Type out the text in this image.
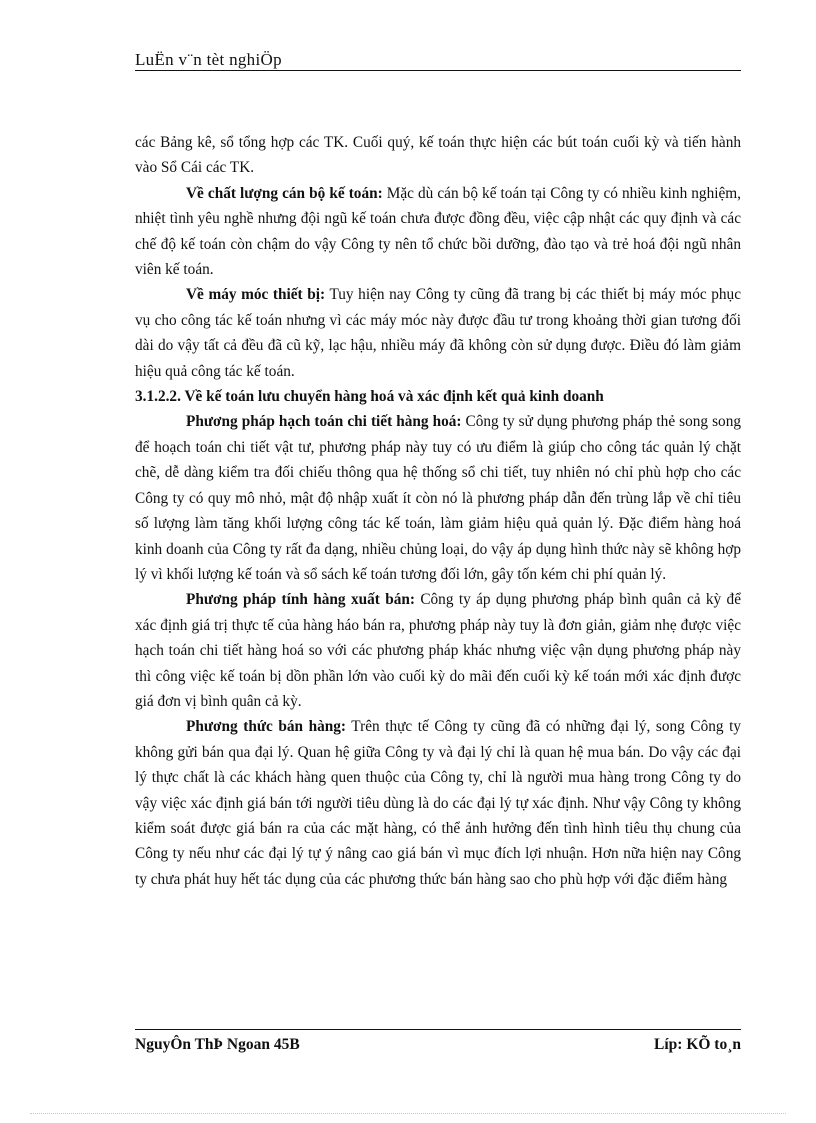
LuËn v¨n tèt nghiÖp

các Bảng kê, sổ tổng hợp các TK. Cuối quý, kế toán thực hiện các bút toán cuối kỳ và tiến hành vào Sổ Cái các TK.

Về chất lượng cán bộ kế toán: Mặc dù cán bộ kế toán tại Công ty có nhiều kinh nghiệm, nhiệt tình yêu nghề nhưng đội ngũ kế toán chưa được đồng đều, việc cập nhật các quy định và các chế độ kế toán còn chậm do vậy Công ty nên tổ chức bồi dưỡng, đào tạo và trẻ hoá đội ngũ nhân viên kế toán.

Về máy móc thiết bị: Tuy hiện nay Công ty cũng đã trang bị các thiết bị máy móc phục vụ cho công tác kế toán nhưng vì các máy móc này được đầu tư trong khoảng thời gian tương đối dài do vậy tất cả đều đã cũ kỹ, lạc hậu, nhiều máy đã không còn sử dụng được. Điều đó làm giảm hiệu quả công tác kế toán.

3.1.2.2. Về kế toán lưu chuyển hàng hoá và xác định kết quả kinh doanh

Phương pháp hạch toán chi tiết hàng hoá: Công ty sử dụng phương pháp thẻ song song để hoạch toán chi tiết vật tư, phương pháp này tuy có ưu điểm là giúp cho công tác quản lý chặt chẽ, dễ dàng kiểm tra đối chiếu thông qua hệ thống sổ chi tiết, tuy nhiên nó chỉ phù hợp cho các Công ty có quy mô nhỏ, mật độ nhập xuất ít còn nó là phương pháp dẫn đến trùng lắp về chỉ tiêu số lượng làm tăng khối lượng công tác kế toán, làm giảm hiệu quả quản lý. Đặc điểm hàng hoá kinh doanh của Công ty rất đa dạng, nhiều chủng loại, do vậy áp dụng hình thức này sẽ không hợp lý vì khối lượng kế toán và sổ sách kế toán tương đối lớn, gây tốn kém chi phí quản lý.

Phương pháp tính hàng xuất bán: Công ty áp dụng phương pháp bình quân cả kỳ để xác định giá trị thực tế của hàng háo bán ra, phương pháp này tuy là đơn giản, giảm nhẹ được việc hạch toán chi tiết hàng hoá so với các phương pháp khác nhưng việc vận dụng phương pháp này thì công việc kế toán bị dồn phần lớn vào cuối kỳ do mãi đến cuối kỳ kế toán mới xác định được giá đơn vị bình quân cả kỳ.

Phương thức bán hàng: Trên thực tế Công ty cũng đã có những đại lý, song Công ty không gửi bán qua đại lý. Quan hệ giữa Công ty và đại lý chỉ là quan hệ mua bán. Do vậy các đại lý thực chất là các khách hàng quen thuộc của Công ty, chỉ là người mua hàng trong Công ty do vậy việc xác định giá bán tới người tiêu dùng là do các đại lý tự xác định. Như vậy Công ty không kiểm soát được giá bán ra của các mặt hàng, có thể ảnh hưởng đến tình hình tiêu thụ chung của Công ty nếu như các đại lý tự ý nâng cao giá bán vì mục đích lợi nhuận. Hơn nữa hiện nay Công ty chưa phát huy hết tác dụng của các phương thức bán hàng sao cho phù hợp với đặc điểm hàng

NguyÔn ThÞ Ngoan 45B	Líp: KÕ to¸n
